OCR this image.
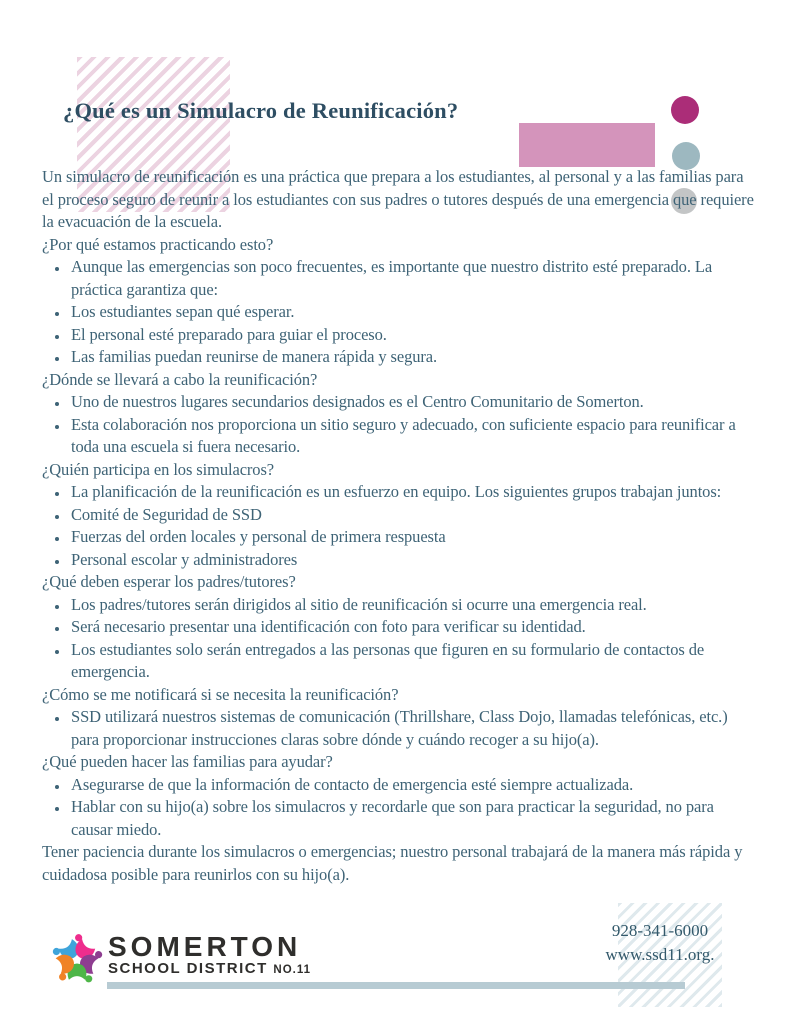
¿Qué es un Simulacro de Reunificación?

Un simulacro de reunificación es una práctica que prepara a los estudiantes, al personal y a las familias para el proceso seguro de reunir a los estudiantes con sus padres o tutores después de una emergencia que requiere la evacuación de la escuela.

¿Por qué estamos practicando esto?

• Aunque las emergencias son poco frecuentes, es importante que nuestro distrito esté preparado. La práctica garantiza que:
• Los estudiantes sepan qué esperar.
• El personal esté preparado para guiar el proceso.
• Las familias puedan reunirse de manera rápida y segura.

¿Dónde se llevará a cabo la reunificación?

• Uno de nuestros lugares secundarios designados es el Centro Comunitario de Somerton.
• Esta colaboración nos proporciona un sitio seguro y adecuado, con suficiente espacio para reunificar a toda una escuela si fuera necesario.

¿Quién participa en los simulacros?

• La planificación de la reunificación es un esfuerzo en equipo. Los siguientes grupos trabajan juntos:
• Comité de Seguridad de SSD
• Fuerzas del orden locales y personal de primera respuesta
• Personal escolar y administradores

¿Qué deben esperar los padres/tutores?

• Los padres/tutores serán dirigidos al sitio de reunificación si ocurre una emergencia real.
• Será necesario presentar una identificación con foto para verificar su identidad.
• Los estudiantes solo serán entregados a las personas que figuren en su formulario de contactos de emergencia.

¿Cómo se me notificará si se necesita la reunificación?

• SSD utilizará nuestros sistemas de comunicación (Thrillshare, Class Dojo, llamadas telefónicas, etc.) para proporcionar instrucciones claras sobre dónde y cuándo recoger a su hijo(a).

¿Qué pueden hacer las familias para ayudar?

• Asegurarse de que la información de contacto de emergencia esté siempre actualizada.
• Hablar con su hijo(a) sobre los simulacros y recordarle que son para practicar la seguridad, no para causar miedo.

Tener paciencia durante los simulacros o emergencias; nuestro personal trabajará de la manera más rápida y cuidadosa posible para reunirlos con su hijo(a).

SOMERTON
SCHOOL DISTRICT NO.11
928-341-6000
www.ssd11.org.
